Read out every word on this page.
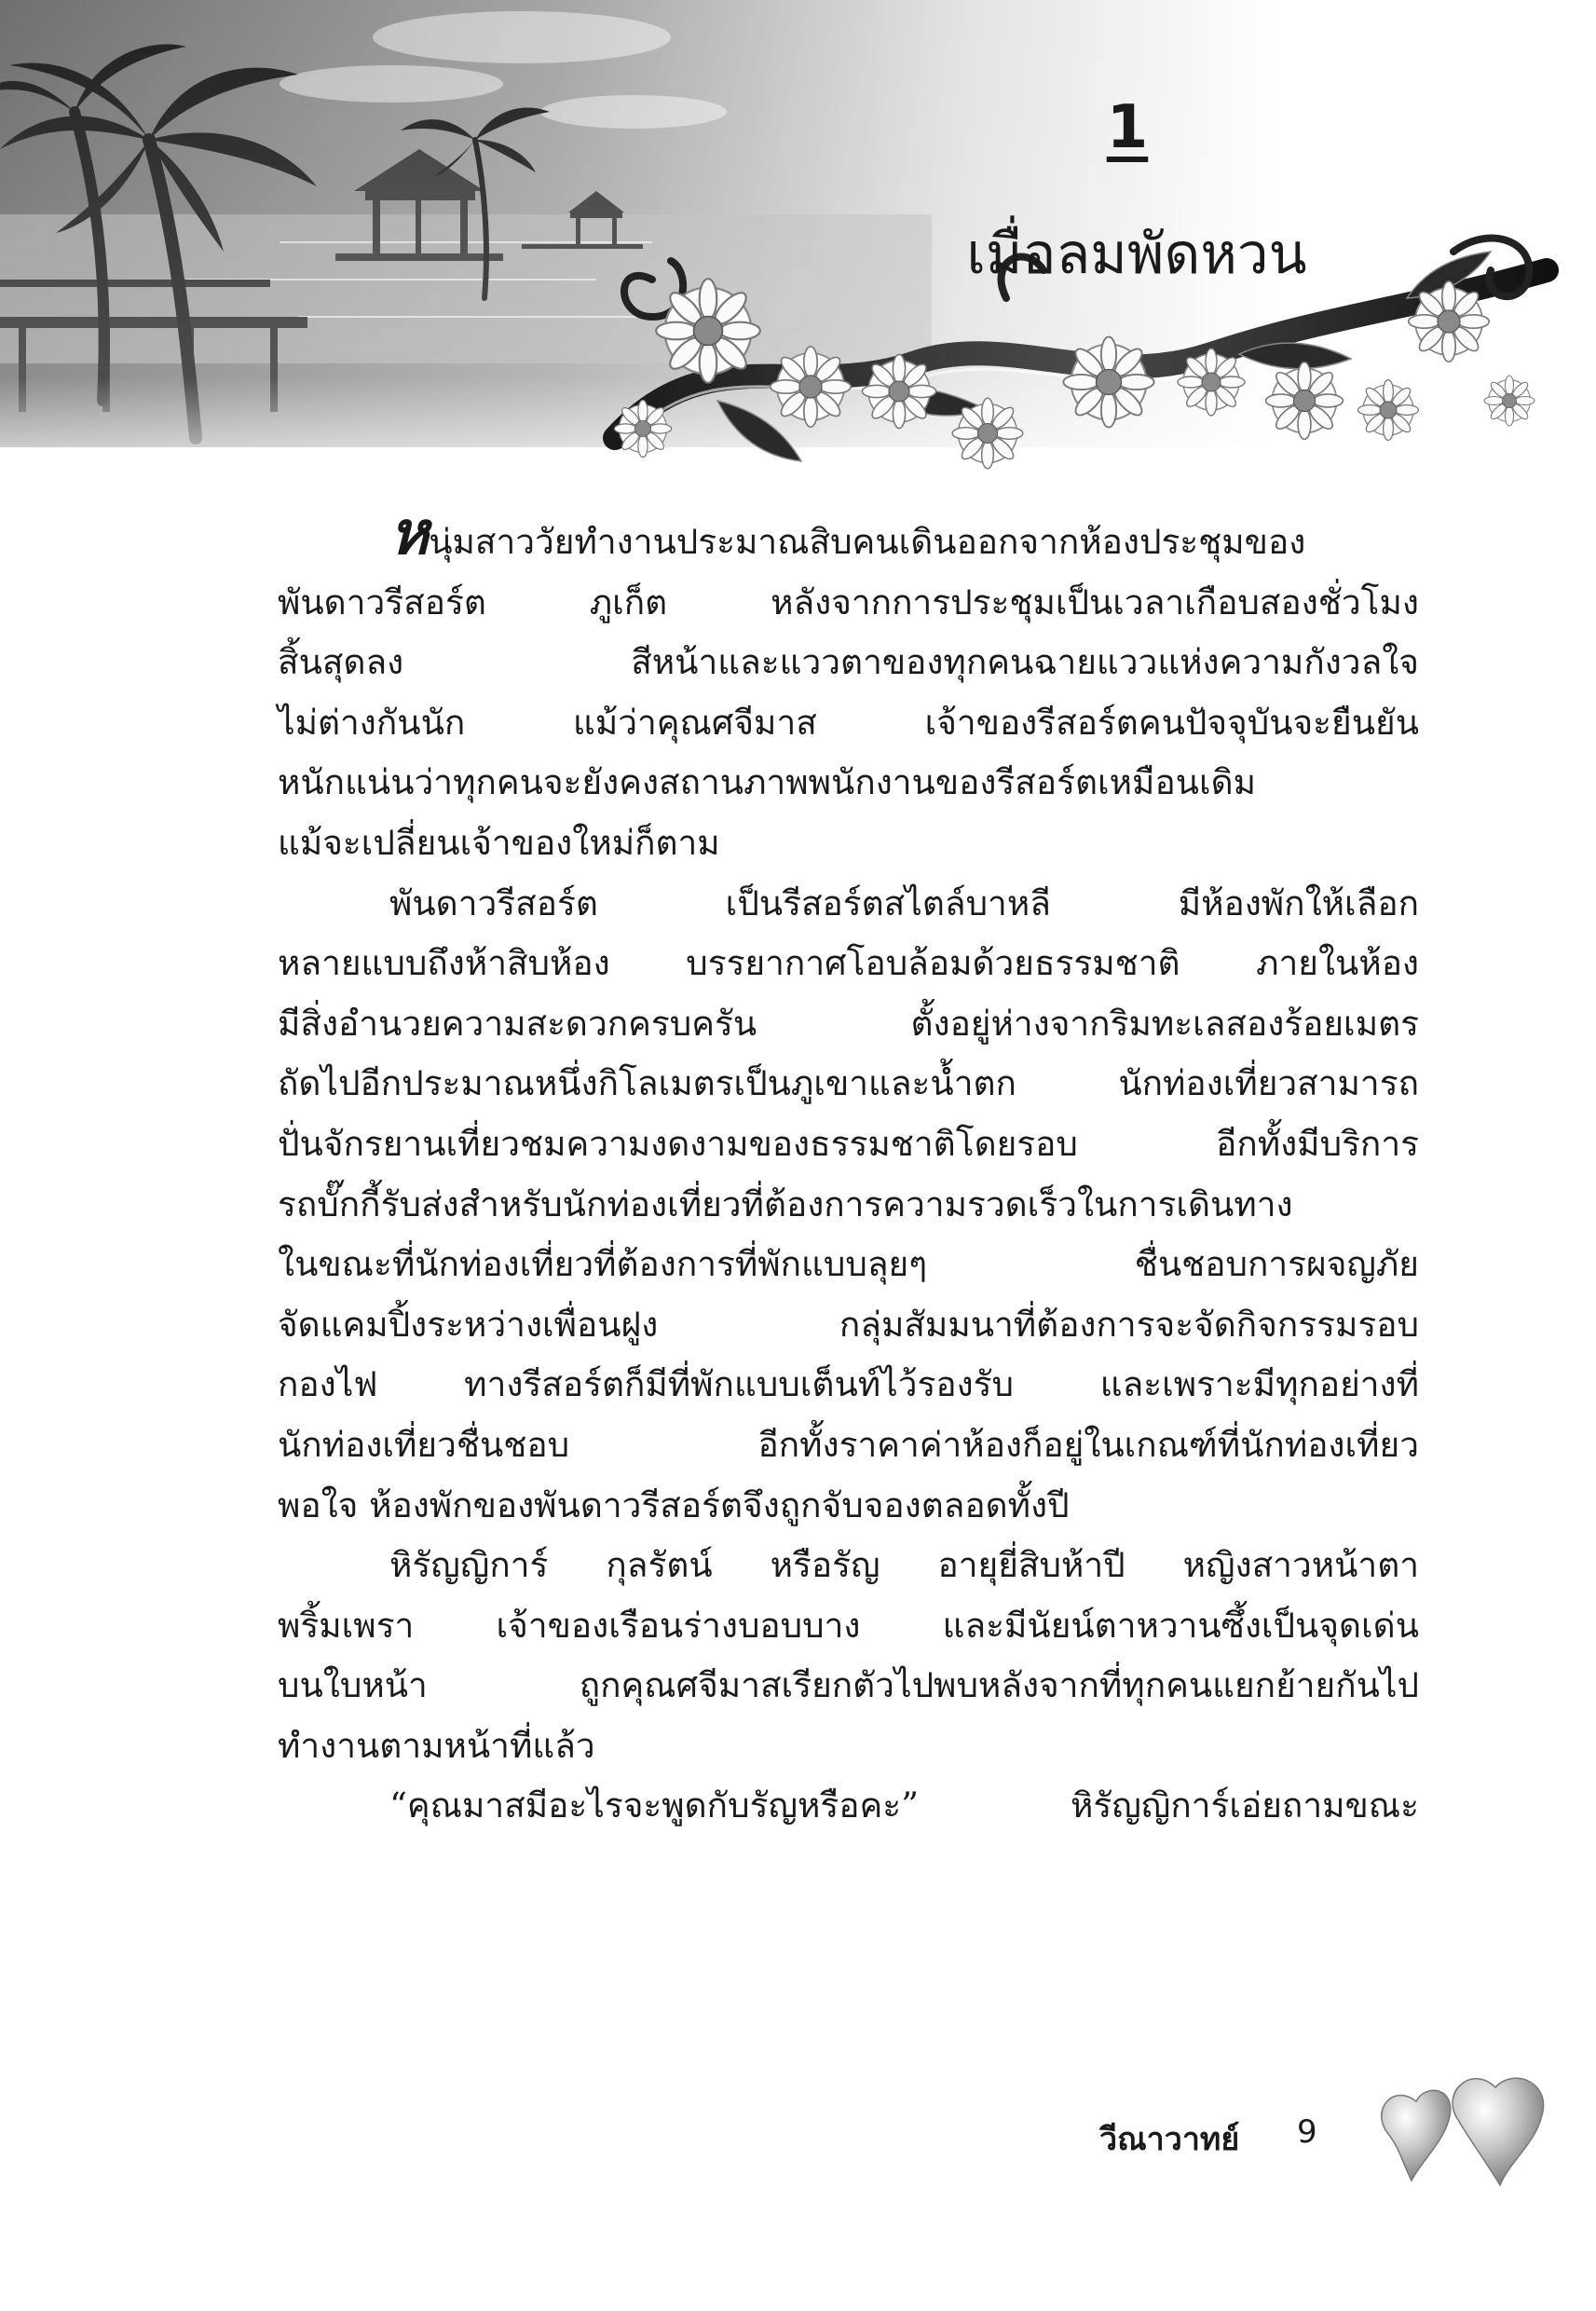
1
เมื่อลมพัดหวน

หนุ่มสาววัยทำงานประมาณสิบคนเดินออกจากห้องประชุมของ

พันดาวรีสอร์ต ภูเก็ต หลังจากการประชุมเป็นเวลาเกือบสองชั่วโมง
สิ้นสุดลง สีหน้าและแววตาของทุกคนฉายแววแห่งความกังวลใจ
ไม่ต่างกันนัก แม้ว่าคุณศจีมาส เจ้าของรีสอร์ตคนปัจจุบันจะยืนยัน
หนักแน่นว่าทุกคนจะยังคงสถานภาพพนักงานของรีสอร์ตเหมือนเดิม
แม้จะเปลี่ยนเจ้าของใหม่ก็ตาม

พันดาวรีสอร์ต เป็นรีสอร์ตสไตล์บาหลี มีห้องพักให้เลือก
หลายแบบถึงห้าสิบห้อง บรรยากาศโอบล้อมด้วยธรรมชาติ ภายในห้อง
มีสิ่งอำนวยความสะดวกครบครัน ตั้งอยู่ห่างจากริมทะเลสองร้อยเมตร
ถัดไปอีกประมาณหนึ่งกิโลเมตรเป็นภูเขาและน้ำตก นักท่องเที่ยวสามารถ
ปั่นจักรยานเที่ยวชมความงดงามของธรรมชาติโดยรอบ อีกทั้งมีบริการ
รถบั๊กกี้รับส่งสำหรับนักท่องเที่ยวที่ต้องการความรวดเร็วในการเดินทาง
ในขณะที่นักท่องเที่ยวที่ต้องการที่พักแบบลุยๆ ชื่นชอบการผจญภัย
จัดแคมปิ้งระหว่างเพื่อนฝูง กลุ่มสัมมนาที่ต้องการจะจัดกิจกรรมรอบ
กองไฟ ทางรีสอร์ตก็มีที่พักแบบเต็นท์ไว้รองรับ และเพราะมีทุกอย่างที่
นักท่องเที่ยวชื่นชอบ อีกทั้งราคาค่าห้องก็อยู่ในเกณฑ์ที่นักท่องเที่ยว
พอใจ ห้องพักของพันดาวรีสอร์ตจึงถูกจับจองตลอดทั้งปี

หิรัญญิการ์ กุลรัตน์ หรือรัญ อายุยี่สิบห้าปี หญิงสาวหน้าตา
พริ้มเพรา เจ้าของเรือนร่างบอบบาง และมีนัยน์ตาหวานซึ้งเป็นจุดเด่น
บนใบหน้า ถูกคุณศจีมาสเรียกตัวไปพบหลังจากที่ทุกคนแยกย้ายกันไป
ทำงานตามหน้าที่แล้ว

“คุณมาสมีอะไรจะพูดกับรัญหรือคะ” หิรัญญิการ์เอ่ยถามขณะ

วีณาวาทย์ 9
